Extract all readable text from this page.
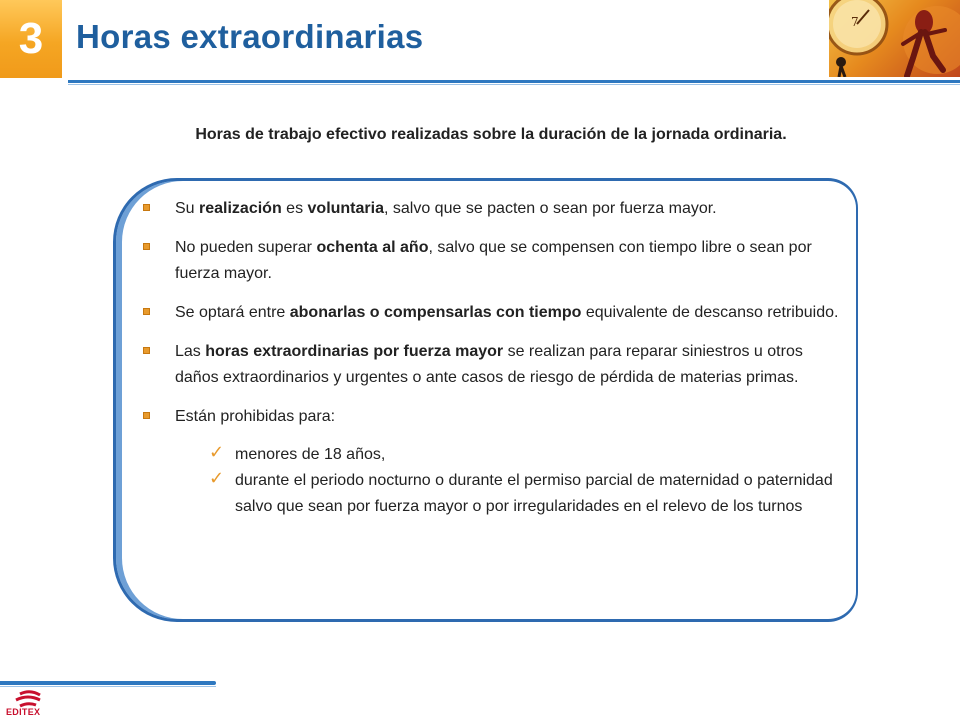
3 Horas extraordinarias	7
Horas de trabajo efectivo realizadas sobre la duración de la jornada ordinaria.
Su realización es voluntaria, salvo que se pacten o sean por fuerza mayor.
No pueden superar ochenta al año, salvo que se compensen con tiempo libre o sean por fuerza mayor.
Se optará entre abonarlas o compensarlas con tiempo equivalente de descanso retribuido.
Las horas extraordinarias por fuerza mayor se realizan para reparar siniestros u otros daños extraordinarios y urgentes o ante casos de riesgo de pérdida de materias primas.
Están prohibidas para:
✓ menores de 18 años,
✓ durante el periodo nocturno o durante el permiso parcial de maternidad o paternidad salvo que sean por fuerza mayor o por irregularidades en el relevo de los turnos
EDITEX
